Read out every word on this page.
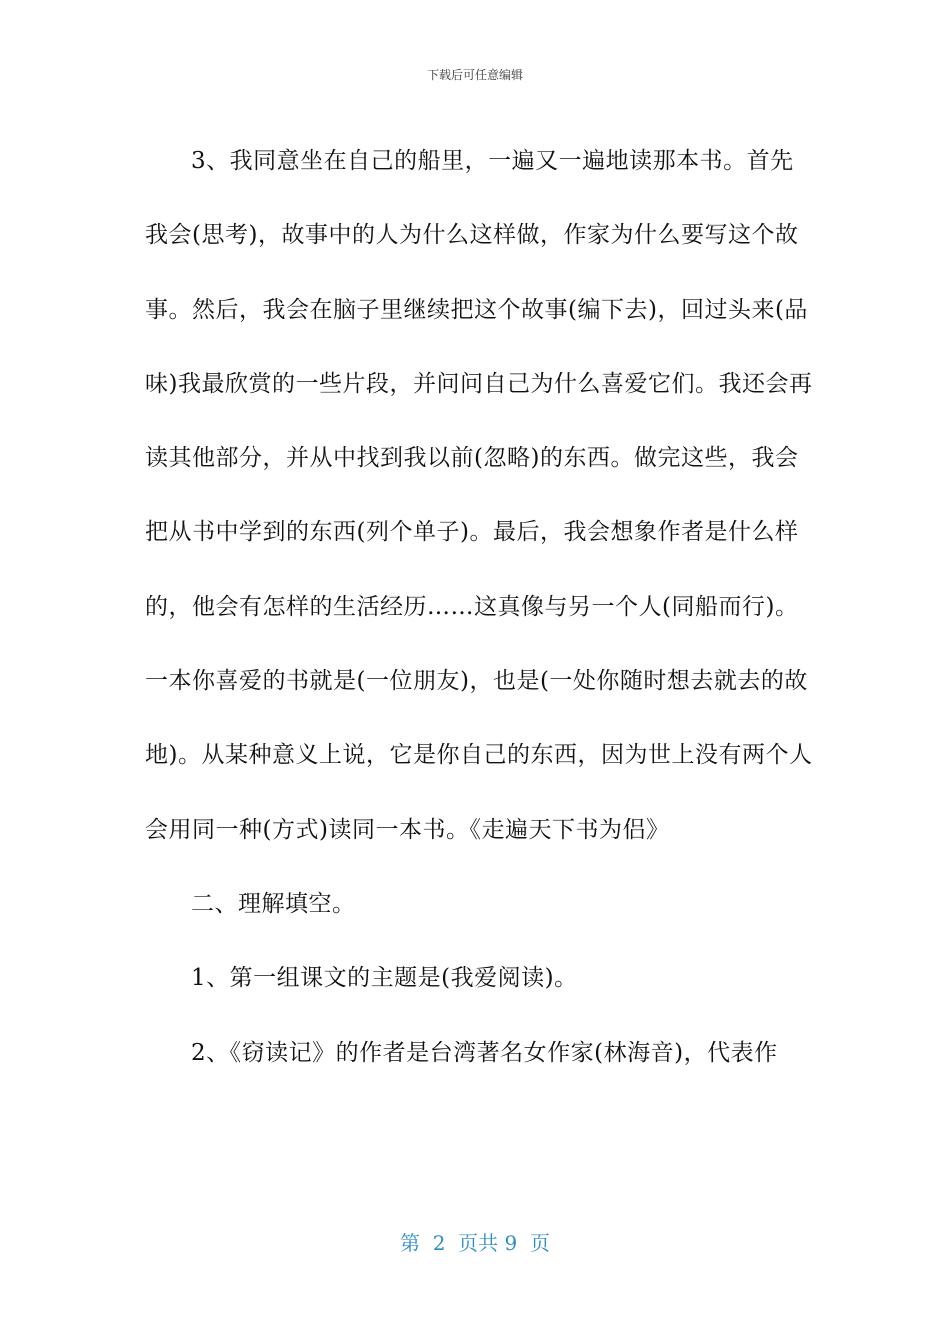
下载后可任意编辑

3、我同意坐在自己的船里，一遍又一遍地读那本书。首先我会(思考)，故事中的人为什么这样做，作家为什么要写这个故事。然后，我会在脑子里继续把这个故事(编下去)，回过头来(品味)我最欣赏的一些片段，并问问自己为什么喜爱它们。我还会再读其他部分，并从中找到我以前(忽略)的东西。做完这些，我会把从书中学到的东西(列个单子)。最后，我会想象作者是什么样的，他会有怎样的生活经历……这真像与另一个人(同船而行)。一本你喜爱的书就是(一位朋友)，也是(一处你随时想去就去的故地)。从某种意义上说，它是你自己的东西，因为世上没有两个人会用同一种(方式)读同一本书。《走遍天下书为侣》

二、理解填空。

1、第一组课文的主题是(我爱阅读)。

2、《窃读记》的作者是台湾著名女作家(林海音)，代表作

第  2  页共 9  页
